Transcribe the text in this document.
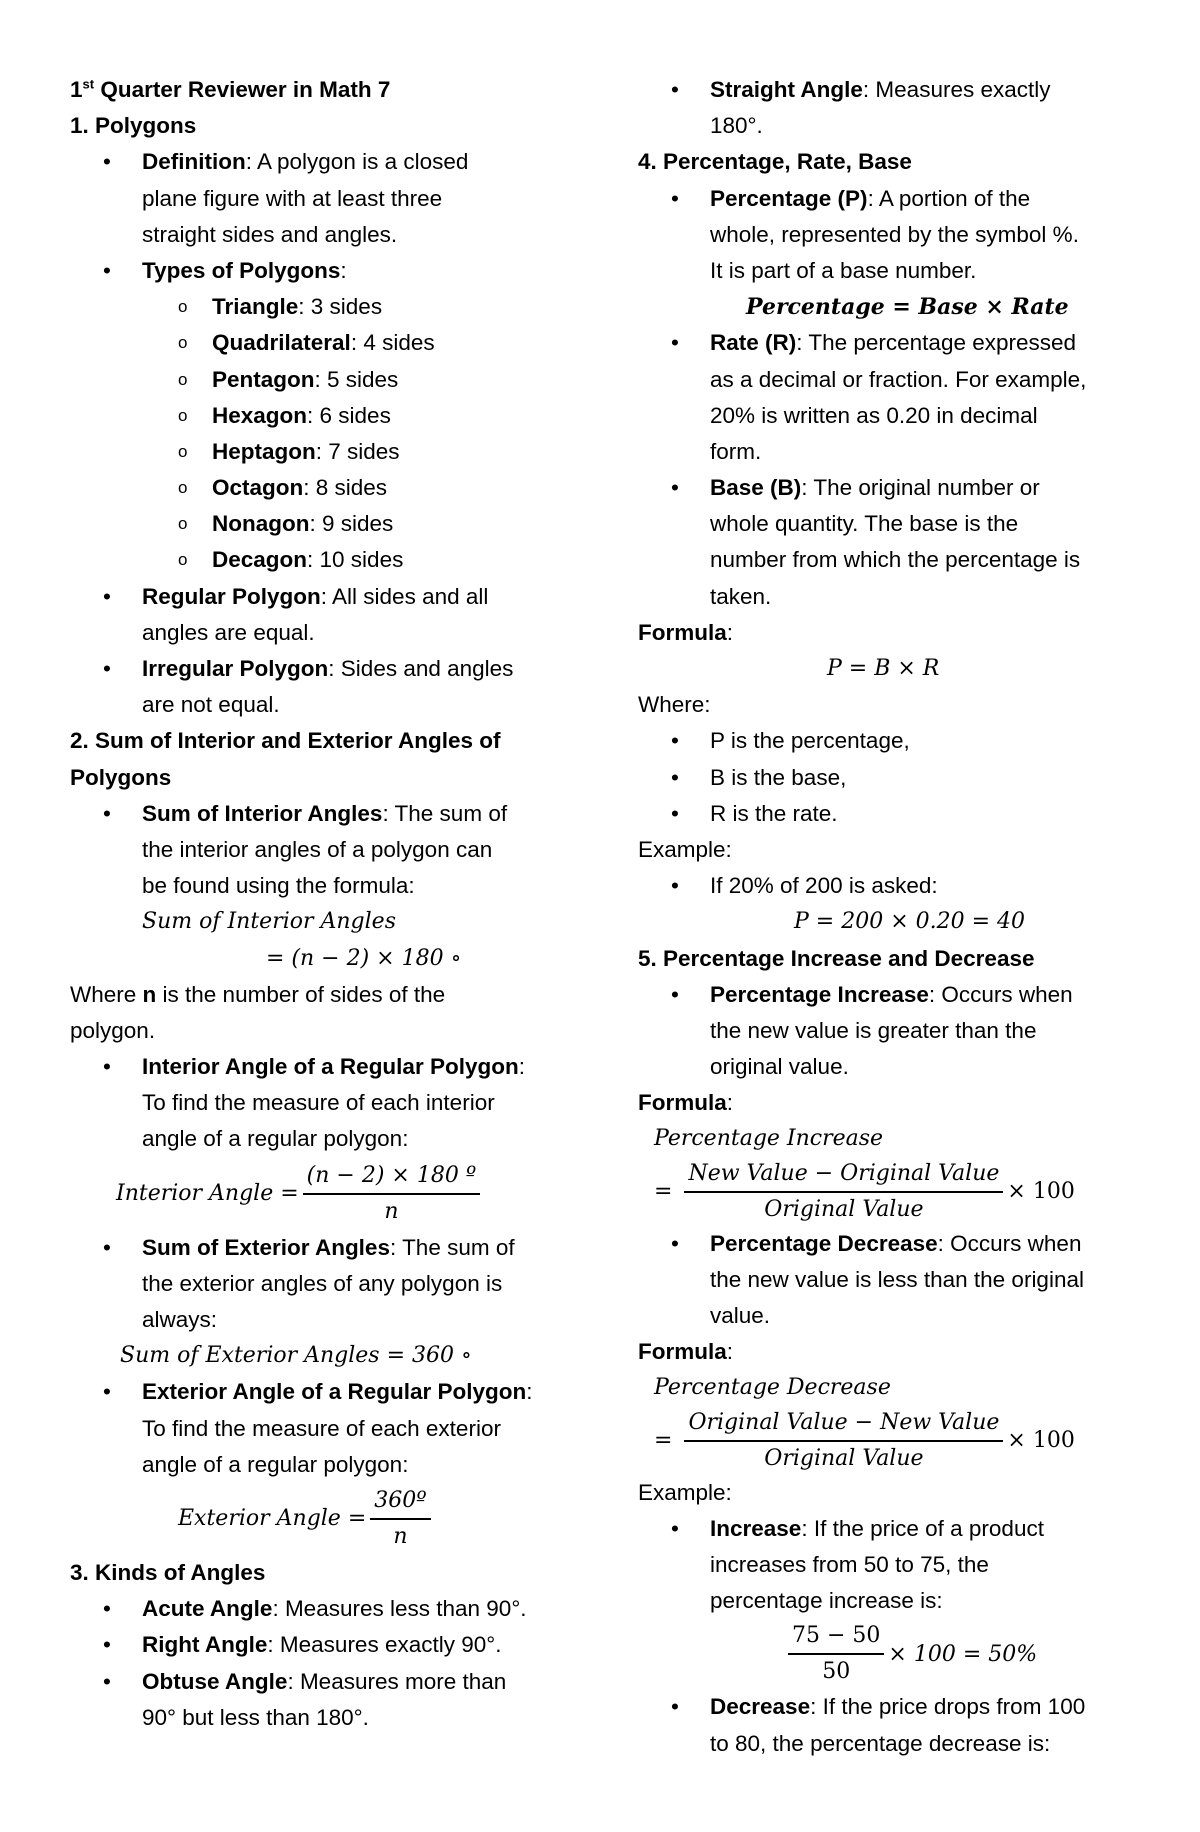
1st Quarter Reviewer in Math 7
1. Polygons
• Definition: A polygon is a closed
plane figure with at least three
straight sides and angles.
• Types of Polygons:
o Triangle: 3 sides
o Quadrilateral: 4 sides
o Pentagon: 5 sides
o Hexagon: 6 sides
o Heptagon: 7 sides
o Octagon: 8 sides
o Nonagon: 9 sides
o Decagon: 10 sides
• Regular Polygon: All sides and all
angles are equal.
• Irregular Polygon: Sides and angles
are not equal.
2. Sum of Interior and Exterior Angles of
Polygons
• Sum of Interior Angles: The sum of
the interior angles of a polygon can
be found using the formula:
Sum of Interior Angles
= (n − 2) × 180 ∘
Where n is the number of sides of the
polygon.
• Interior Angle of a Regular Polygon:
To find the measure of each interior
angle of a regular polygon:
Interior Angle = $\frac{\text{(n − 2) × 180 º}}{n}$
• Sum of Exterior Angles: The sum of
the exterior angles of any polygon is
always:
Sum of Exterior Angles = 360 ∘
• Exterior Angle of a Regular Polygon:
To find the measure of each exterior
angle of a regular polygon:
Exterior Angle = $\frac{\text{360º}}{n}$
3. Kinds of Angles
• Acute Angle: Measures less than 90°.
• Right Angle: Measures exactly 90°.
• Obtuse Angle: Measures more than
90° but less than 180°.
• Straight Angle: Measures exactly
180°.
4. Percentage, Rate, Base
• Percentage (P): A portion of the
whole, represented by the symbol %.
It is part of a base number.
Percentage = Base × Rate
• Rate (R): The percentage expressed
as a decimal or fraction. For example,
20% is written as 0.20 in decimal
form.
• Base (B): The original number or
whole quantity. The base is the
number from which the percentage is
taken.
Formula:
P = B × R
Where:
• P is the percentage,
• B is the base,
• R is the rate.
Example:
• If 20% of 200 is asked:
P = 200 × 0.20 = 40
5. Percentage Increase and Decrease
• Percentage Increase: Occurs when
the new value is greater than the
original value.
Formula:
Percentage Increase
= $\frac{\text{New Value − Original Value}}{\text{Original Value}} \times 100$
• Percentage Decrease: Occurs when
the new value is less than the original
value.
Formula:
Percentage Decrease
= $\frac{\text{Original Value − New Value}}{\text{Original Value}} \times 100$
Example:
• Increase: If the price of a product
increases from 50 to 75, the
percentage increase is:
$\frac{75 - 50}{50} \times 100 = 50\%$
• Decrease: If the price drops from 100
to 80, the percentage decrease is:
